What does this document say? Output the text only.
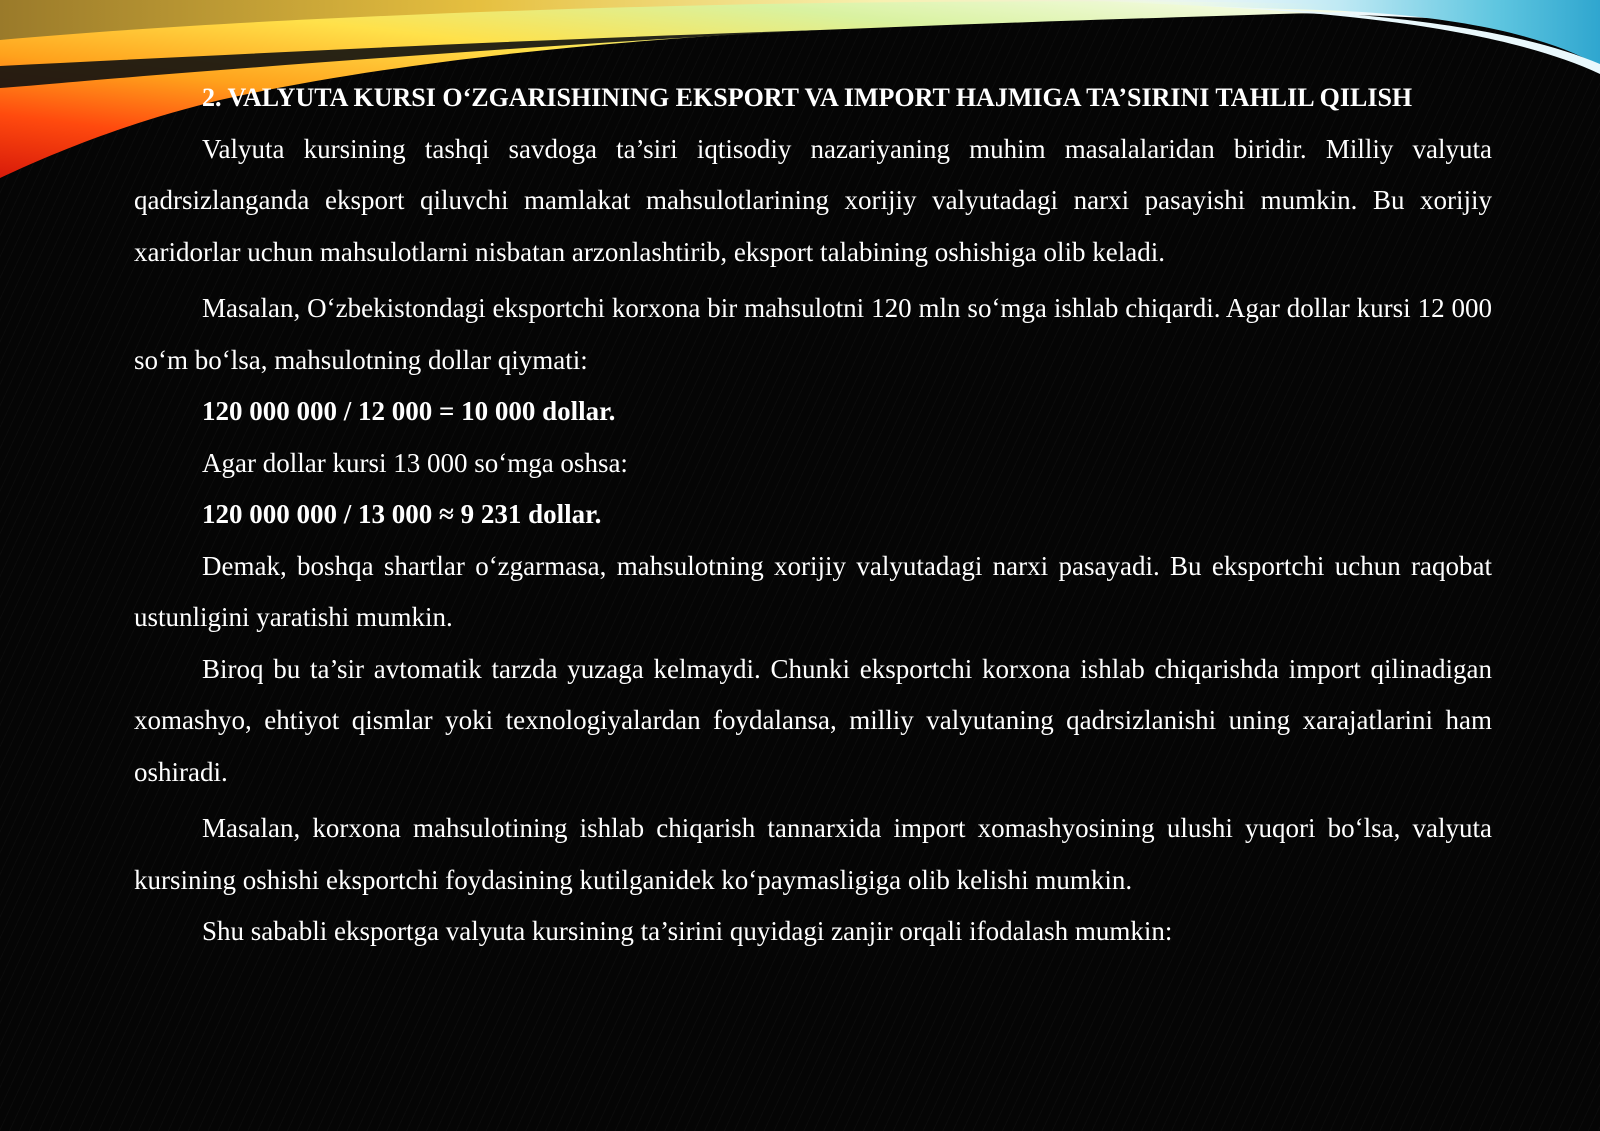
2. VALYUTA KURSI O‘ZGARISHINING EKSPORT VA IMPORT HAJMIGA TA’SIRINI TAHLIL QILISH

Valyuta kursining tashqi savdoga ta’siri iqtisodiy nazariyaning muhim masalalaridan biridir. Milliy valyuta qadrsizlanganda eksport qiluvchi mamlakat mahsulotlarining xorijiy valyutadagi narxi pasayishi mumkin. Bu xorijiy xaridorlar uchun mahsulotlarni nisbatan arzonlashtirib, eksport talabining oshishiga olib keladi.

Masalan, O‘zbekistondagi eksportchi korxona bir mahsulotni 120 mln so‘mga ishlab chiqardi. Agar dollar kursi 12 000 so‘m bo‘lsa, mahsulotning dollar qiymati:

120 000 000 / 12 000 = 10 000 dollar.

Agar dollar kursi 13 000 so‘mga oshsa:

120 000 000 / 13 000 ≈ 9 231 dollar.

Demak, boshqa shartlar o‘zgarmasa, mahsulotning xorijiy valyutadagi narxi pasayadi. Bu eksportchi uchun raqobat ustunligini yaratishi mumkin.

Biroq bu ta’sir avtomatik tarzda yuzaga kelmaydi. Chunki eksportchi korxona ishlab chiqarishda import qilinadigan xomashyo, ehtiyot qismlar yoki texnologiyalardan foydalansa, milliy valyutaning qadrsizlanishi uning xarajatlarini ham oshiradi.

Masalan, korxona mahsulotining ishlab chiqarish tannarxida import xomashyosining ulushi yuqori bo‘lsa, valyuta kursining oshishi eksportchi foydasining kutilganidek ko‘paymasligiga olib kelishi mumkin.

Shu sababli eksportga valyuta kursining ta’sirini quyidagi zanjir orqali ifodalash mumkin:
